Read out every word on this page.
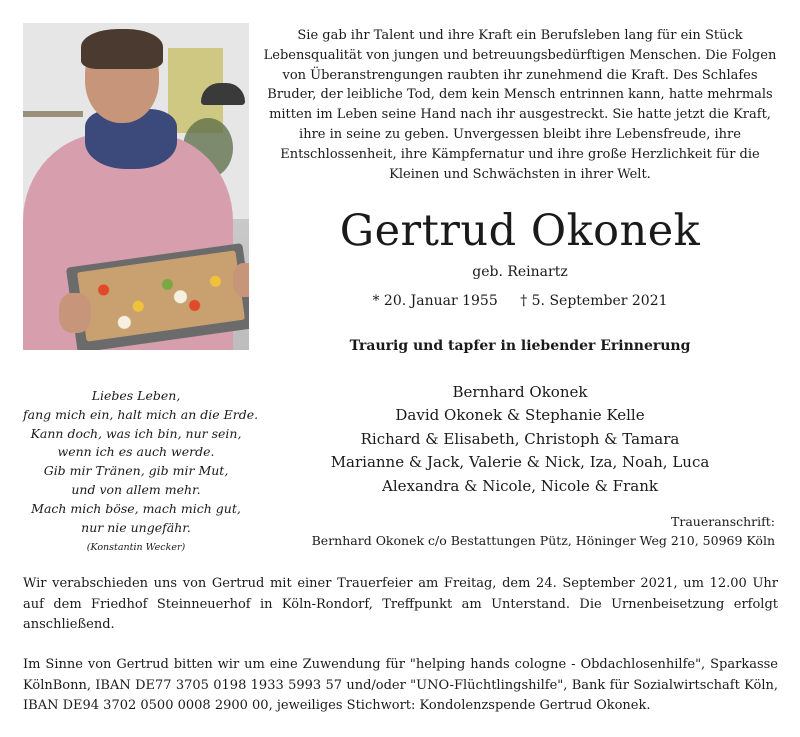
Sie gab ihr Talent und ihre Kraft ein Berufsleben lang für ein Stück Lebensqualität von jungen und betreuungsbedürftigen Menschen. Die Folgen von Überanstrengungen raubten ihr zunehmend die Kraft. Des Schlafes Bruder, der leibliche Tod, dem kein Mensch entrinnen kann, hatte mehrmals mitten im Leben seine Hand nach ihr ausgestreckt. Sie hatte jetzt die Kraft, ihre in seine zu geben. Unvergessen bleibt ihre Lebensfreude, ihre Entschlossenheit, ihre Kämpfernatur und ihre große Herzlichkeit für die Kleinen und Schwächsten in ihrer Welt.

Gertrud Okonek
geb. Reinartz
* 20. Januar 1955 † 5. September 2021
Traurig und tapfer in liebender Erinnerung
Bernhard Okonek
David Okonek & Stephanie Kelle
Richard & Elisabeth, Christoph & Tamara
Marianne & Jack, Valerie & Nick, Iza, Noah, Luca
Alexandra & Nicole, Nicole & Frank
Liebes Leben,
fang mich ein, halt mich an die Erde.
Kann doch, was ich bin, nur sein,
wenn ich es auch werde.
Gib mir Tränen, gib mir Mut,
und von allem mehr.
Mach mich böse, mach mich gut,
nur nie ungefähr.
(Konstantin Wecker)
Traueranschrift:
Bernhard Okonek c/o Bestattungen Pütz, Höninger Weg 210, 50969 Köln

Wir verabschieden uns von Gertrud mit einer Trauerfeier am Freitag, dem 24. September 2021, um 12.00 Uhr auf dem Friedhof Steinneuerhof in Köln-Rondorf, Treffpunkt am Unterstand. Die Urnenbeisetzung erfolgt anschließend.

Im Sinne von Gertrud bitten wir um eine Zuwendung für "helping hands cologne - Obdachlosenhilfe", Sparkasse KölnBonn, IBAN DE77 3705 0198 1933 5993 57 und/oder "UNO-Flüchtlingshilfe", Bank für Sozialwirtschaft Köln, IBAN DE94 3702 0500 0008 2900 00, jeweiliges Stichwort: Kondolenzspende Gertrud Okonek.
